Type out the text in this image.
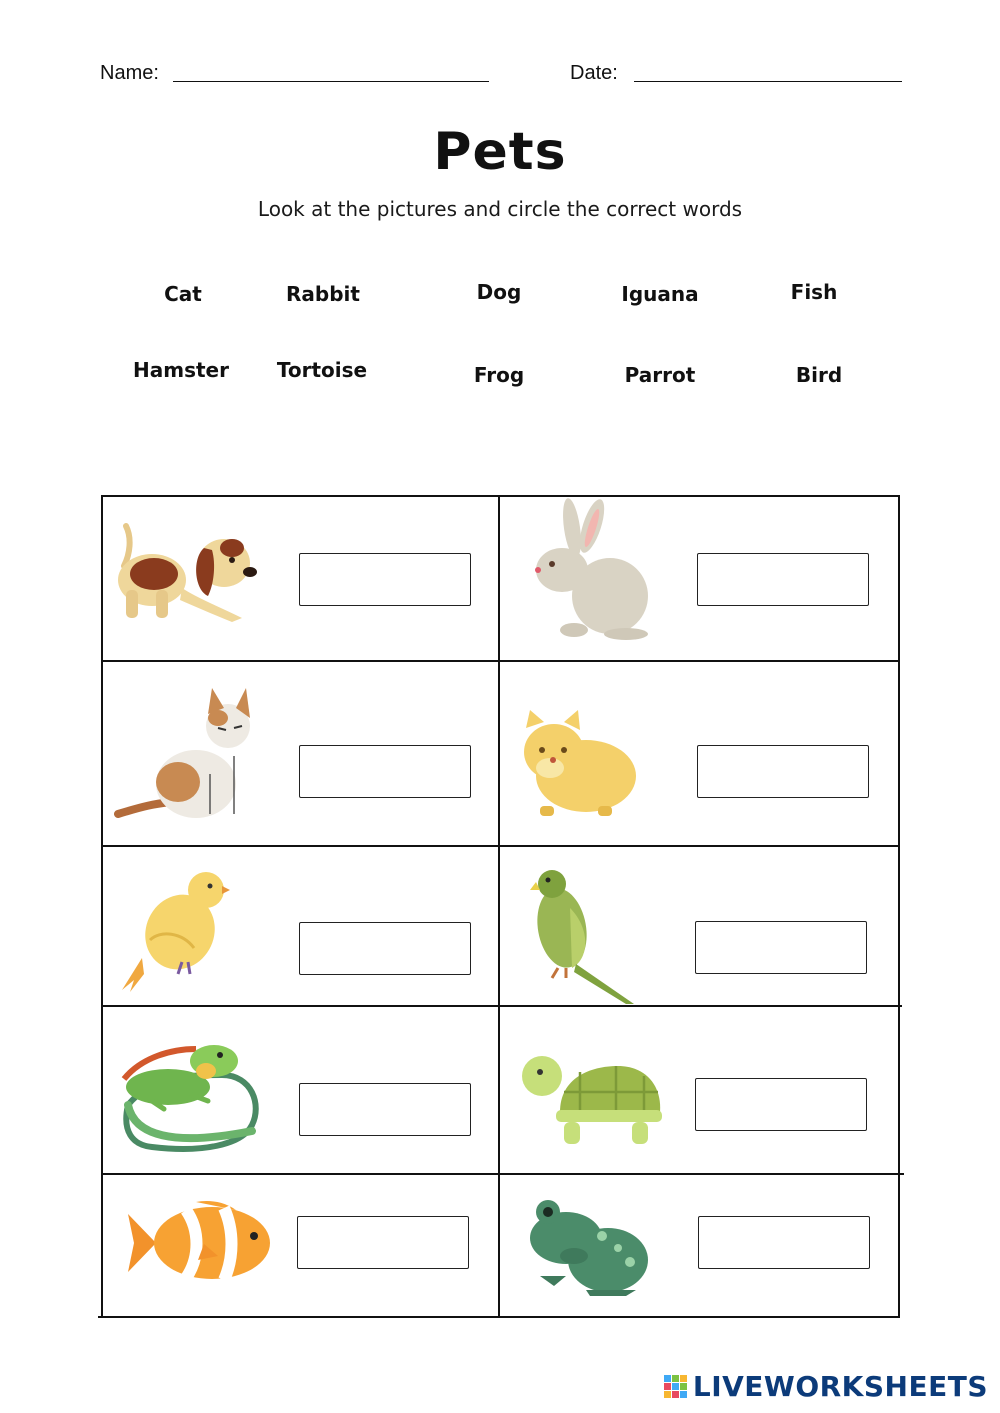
Name:	Date:
Pets
Look at the pictures and circle the correct words
Cat	Rabbit	Dog	Iguana	Fish
Hamster	Tortoise	Frog	Parrot	Bird
LIVEWORKSHEETS
